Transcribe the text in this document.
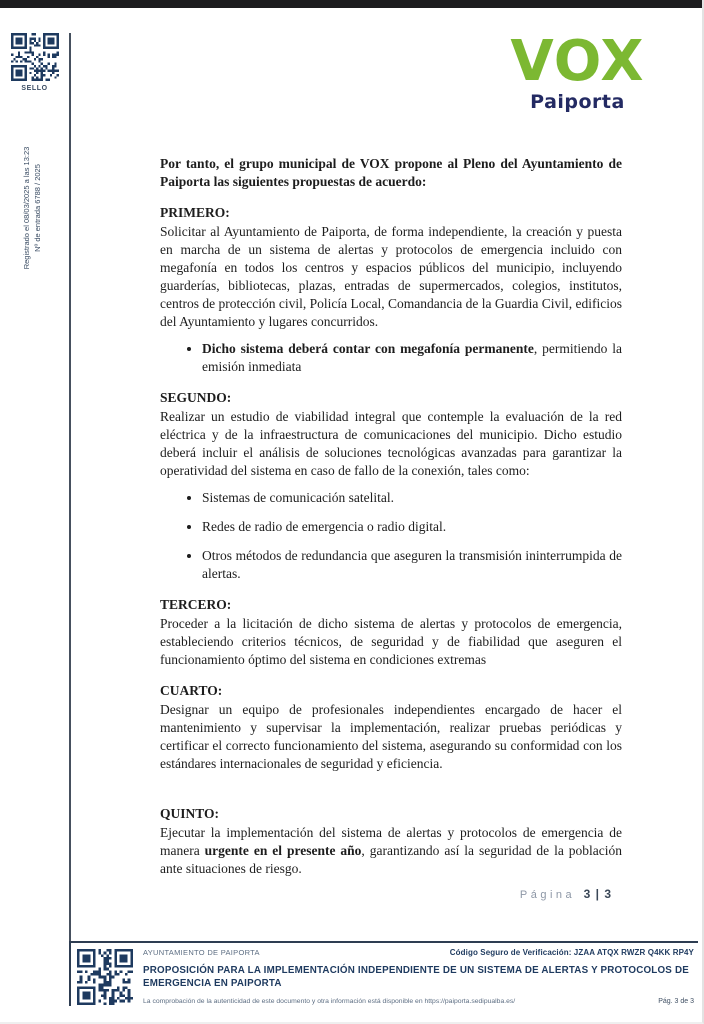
SELLO
Registrado el 08/03/2025 a las 13:23 Nº de entrada 6788 / 2025
VOX
Paiporta

Por tanto, el grupo municipal de VOX propone al Pleno del Ayuntamiento de Paiporta las siguientes propuestas de acuerdo:

PRIMERO:

Solicitar al Ayuntamiento de Paiporta, de forma independiente, la creación y puesta en marcha de un sistema de alertas y protocolos de emergencia incluido con megafonía en todos los centros y espacios públicos del municipio, incluyendo guarderías, bibliotecas, plazas, entradas de supermercados, colegios, institutos, centros de protección civil, Policía Local, Comandancia de la Guardia Civil, edificios del Ayuntamiento y lugares concurridos.

• Dicho sistema deberá contar con megafonía permanente, permitiendo la emisión inmediata
SEGUNDO:

Realizar un estudio de viabilidad integral que contemple la evaluación de la red eléctrica y de la infraestructura de comunicaciones del municipio. Dicho estudio deberá incluir el análisis de soluciones tecnológicas avanzadas para garantizar la operatividad del sistema en caso de fallo de la conexión, tales como:

• Sistemas de comunicación satelital.
• Redes de radio de emergencia o radio digital.
• Otros métodos de redundancia que aseguren la transmisión ininterrumpida de alertas.
TERCERO:

Proceder a la licitación de dicho sistema de alertas y protocolos de emergencia, estableciendo criterios técnicos, de seguridad y de fiabilidad que aseguren el funcionamiento óptimo del sistema en condiciones extremas

CUARTO:

Designar un equipo de profesionales independientes encargado de hacer el mantenimiento y supervisar la implementación, realizar pruebas periódicas y certificar el correcto funcionamiento del sistema, asegurando su conformidad con los estándares internacionales de seguridad y eficiencia.

QUINTO:

Ejecutar la implementación del sistema de alertas y protocolos de emergencia de manera urgente en el presente año, garantizando así la seguridad de la población ante situaciones de riesgo.

Página 3 | 3
AYUNTAMIENTO DE PAIPORTA	Código Seguro de Verificación: JZAA ATQX RWZR Q4KK RP4Y
PROPOSICIÓN PARA LA IMPLEMENTACIÓN INDEPENDIENTE DE UN SISTEMA DE ALERTAS Y PROTOCOLOS DE EMERGENCIA EN PAIPORTA
La comprobación de la autenticidad de este documento y otra información está disponible en https://paiporta.sedipualba.es/	Pág. 3 de 3
